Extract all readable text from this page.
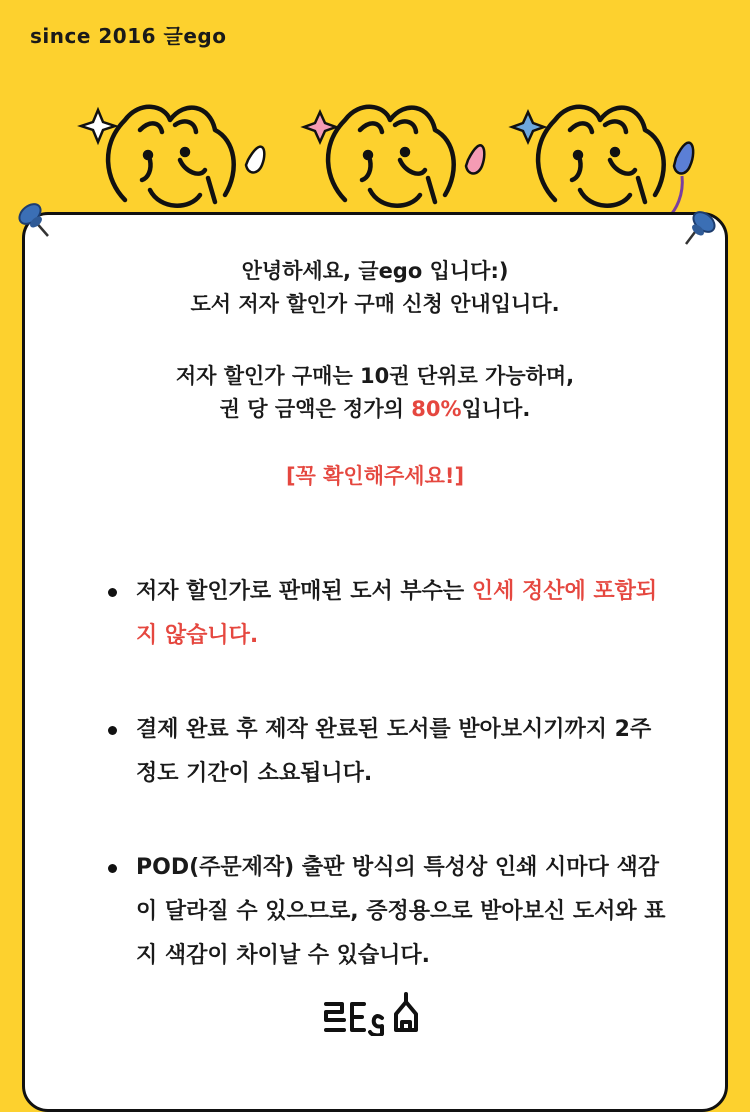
since 2016 글ego
안녕하세요, 글ego 입니다:)
도서 저자 할인가 구매 신청 안내입니다.
저자 할인가 구매는 10권 단위로 가능하며,
권 당 금액은 정가의 80%입니다.
[꼭 확인해주세요!]
저자 할인가로 판매된 도서 부수는 인세 정산에 포함되지 않습니다.
결제 완료 후 제작 완료된 도서를 받아보시기까지 2주 정도 기간이 소요됩니다.
POD(주문제작) 출판 방식의 특성상 인쇄 시마다 색감이 달라질 수 있으므로, 증정용으로 받아보신 도서와 표지 색감이 차이날 수 있습니다.
